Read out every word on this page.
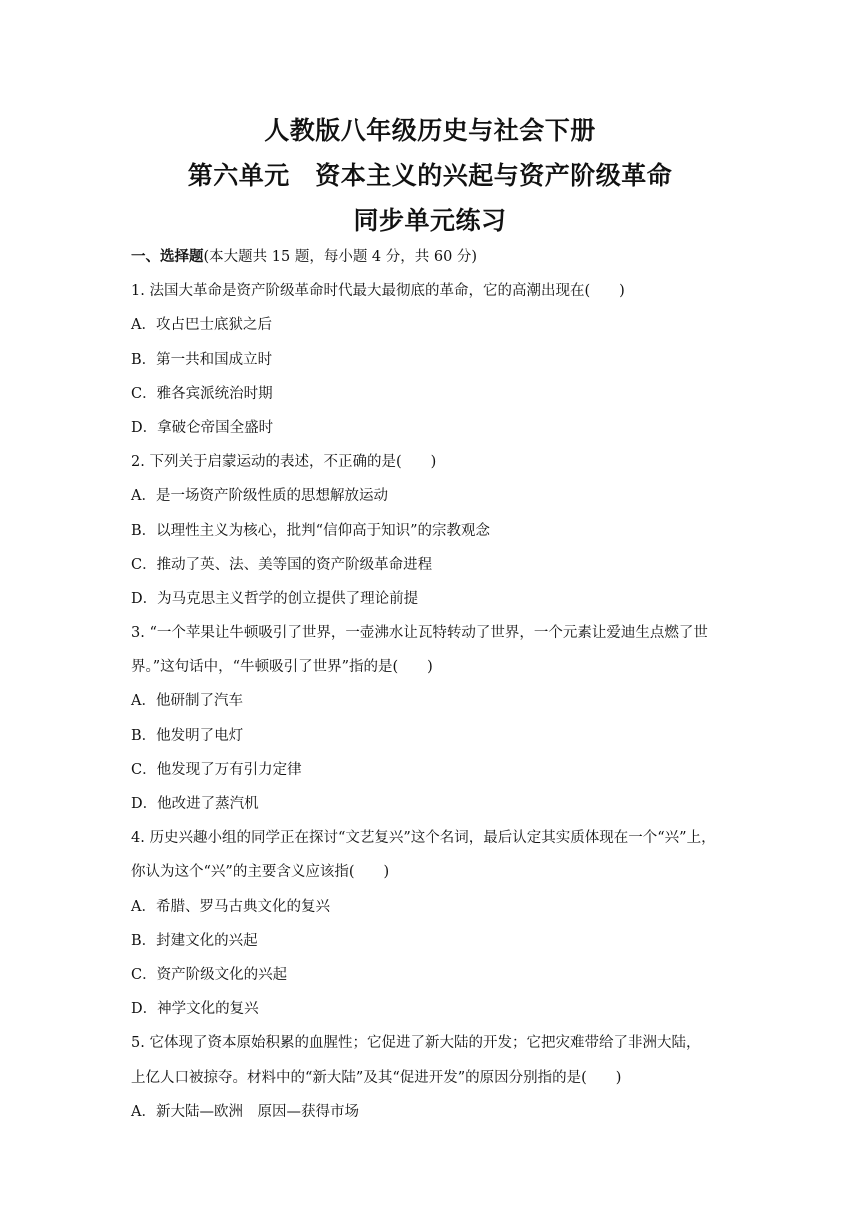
人教版八年级历史与社会下册
第六单元　资本主义的兴起与资产阶级革命
同步单元练习
一、选择题(本大题共 15 题，每小题 4 分，共 60 分)
1. 法国大革命是资产阶级革命时代最大最彻底的革命，它的高潮出现在(　　)
A．攻占巴士底狱之后
B．第一共和国成立时
C．雅各宾派统治时期
D．拿破仑帝国全盛时
2. 下列关于启蒙运动的表述，不正确的是(　　)
A．是一场资产阶级性质的思想解放运动
B．以理性主义为核心，批判“信仰高于知识”的宗教观念
C．推动了英、法、美等国的资产阶级革命进程
D．为马克思主义哲学的创立提供了理论前提
3. “一个苹果让牛顿吸引了世界，一壶沸水让瓦特转动了世界，一个元素让爱迪生点燃了世
界。”这句话中，“牛顿吸引了世界”指的是(　　)
A．他研制了汽车
B．他发明了电灯
C．他发现了万有引力定律
D．他改进了蒸汽机
4. 历史兴趣小组的同学正在探讨“文艺复兴”这个名词，最后认定其实质体现在一个“兴”上，
你认为这个“兴”的主要含义应该指(　　)
A．希腊、罗马古典文化的复兴
B．封建文化的兴起
C．资产阶级文化的兴起
D．神学文化的复兴
5. 它体现了资本原始积累的血腥性；它促进了新大陆的开发；它把灾难带给了非洲大陆，
上亿人口被掠夺。材料中的“新大陆”及其“促进开发”的原因分别指的是(　　)
A．新大陆—欧洲　原因—获得市场
